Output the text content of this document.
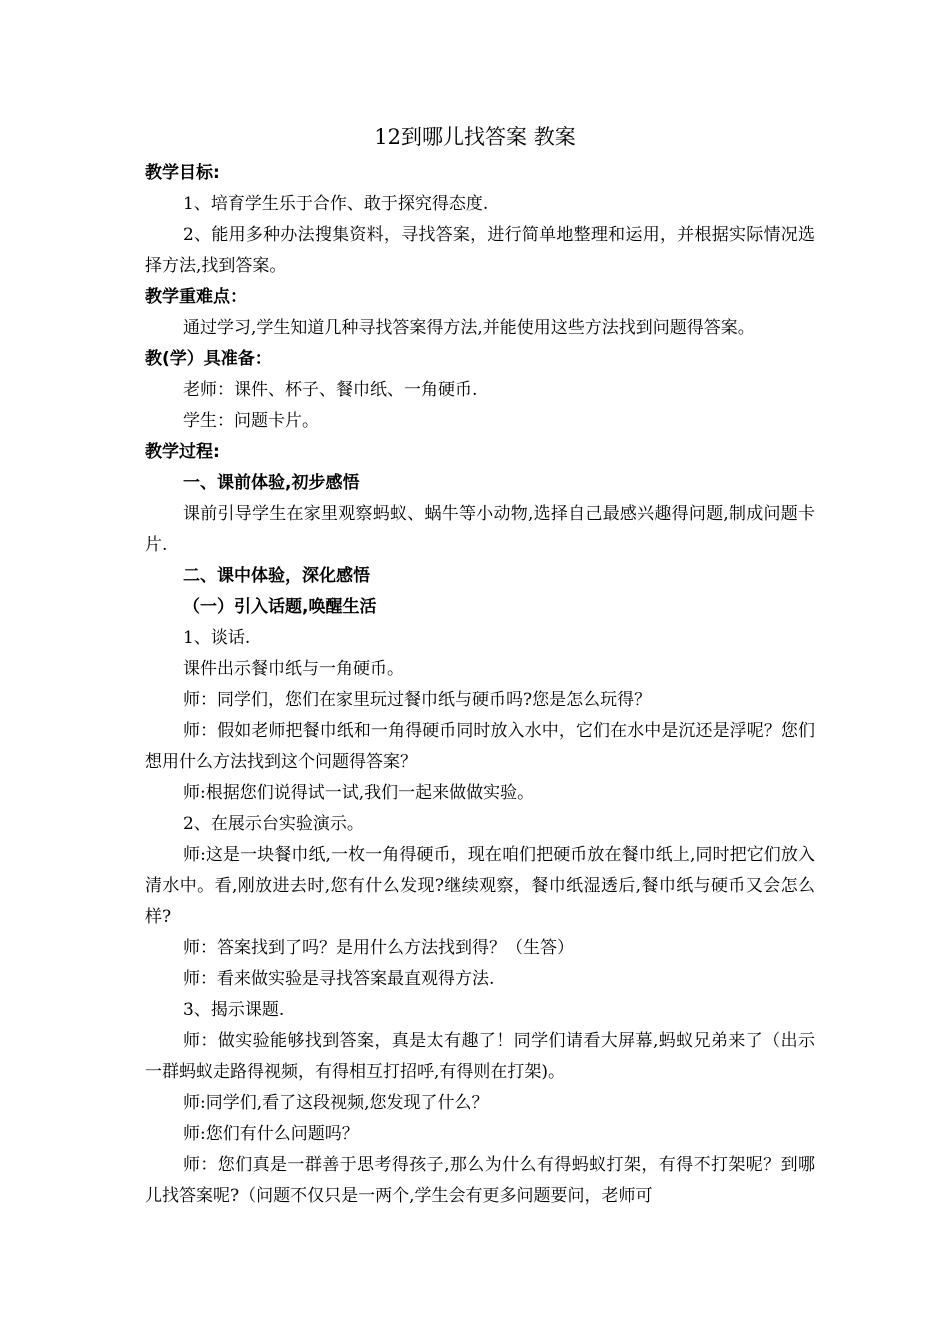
12到哪儿找答案 教案

教学目标:

1、培育学生乐于合作、敢于探究得态度.

2、能用多种办法搜集资料，寻找答案，进行简单地整理和运用，并根据实际情况选择方法,找到答案。

教学重难点：

通过学习,学生知道几种寻找答案得方法,并能使用这些方法找到问题得答案。

教(学）具准备：

老师：课件、杯子、餐巾纸、一角硬币.

学生：问题卡片。

教学过程:

一、课前体验,初步感悟

课前引导学生在家里观察蚂蚁、蜗牛等小动物,选择自己最感兴趣得问题,制成问题卡片.

二、课中体验，深化感悟

（一）引入话题,唤醒生活

1、谈话.

课件出示餐巾纸与一角硬币。

师：同学们，您们在家里玩过餐巾纸与硬币吗?您是怎么玩得？

师：假如老师把餐巾纸和一角得硬币同时放入水中，它们在水中是沉还是浮呢？您们想用什么方法找到这个问题得答案？

师:根据您们说得试一试,我们一起来做做实验。

2、在展示台实验演示。

师:这是一块餐巾纸,一枚一角得硬币，现在咱们把硬币放在餐巾纸上,同时把它们放入清水中。看,刚放进去时,您有什么发现?继续观察，餐巾纸湿透后,餐巾纸与硬币又会怎么样?

师：答案找到了吗？是用什么方法找到得？（生答）

师：看来做实验是寻找答案最直观得方法.

3、揭示课题.

师：做实验能够找到答案，真是太有趣了！同学们请看大屏幕,蚂蚁兄弟来了（出示一群蚂蚁走路得视频，有得相互打招呼,有得则在打架)。

师:同学们,看了这段视频,您发现了什么？

师:您们有什么问题吗？

师：您们真是一群善于思考得孩子,那么为什么有得蚂蚁打架，有得不打架呢？到哪儿找答案呢?（问题不仅只是一两个,学生会有更多问题要问，老师可
